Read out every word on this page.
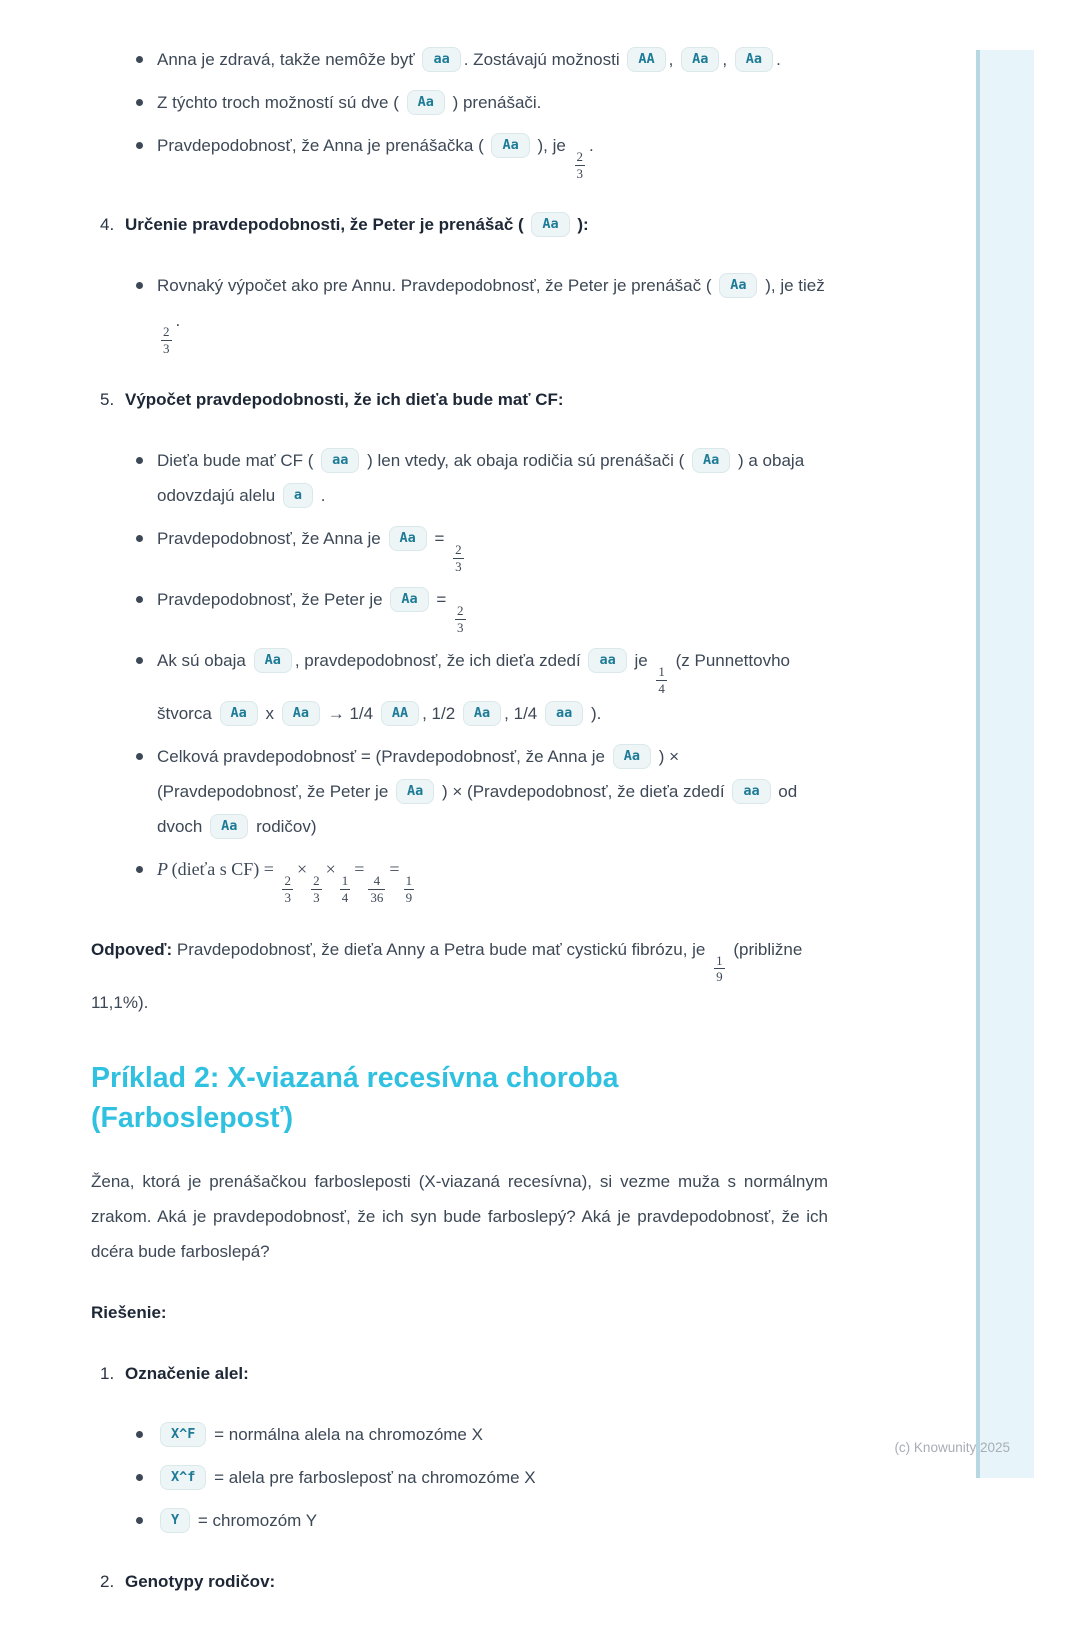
Anna je zdravá, takže nemôže byť aa . Zostávajú možnosti AA , Aa , Aa .
Z týchto troch možností sú dve ( Aa ) prenášači.
Pravdepodobnosť, že Anna je prenášačka ( Aa ), je
$\frac{2}{3}$
.
4. Určenie pravdepodobnosti, že Peter je prenášač ( Aa ):
Rovnaký výpočet ako pre Annu. Pravdepodobnosť, že Peter je prenášač ( Aa ), je tiež
$\frac{2}{3}$
.
5. Výpočet pravdepodobnosti, že ich dieťa bude mať CF:
Dieťa bude mať CF ( aa ) len vtedy, ak obaja rodičia sú prenášači ( Aa ) a obaja odovzdajú alelu a .
Pravdepodobnosť, že Anna je Aa =
$\frac{2}{3}$
Pravdepodobnosť, že Peter je Aa =
$\frac{2}{3}$
Ak sú obaja Aa , pravdepodobnosť, že ich dieťa zdedí aa je
$\frac{1}{4}$
(z Punnettovho štvorca Aa x Aa → 1/4 AA , 1/2 Aa , 1/4 aa ).
Celková pravdepodobnosť = (Pravdepodobnosť, že Anna je Aa ) × (Pravdepodobnosť, že Peter je Aa ) × (Pravdepodobnosť, že dieťa zdedí aa od dvoch Aa rodičov)
P (dieťa s CF) =
$\frac{2}{3}$
×
$\frac{2}{3}$
×
$\frac{1}{4}$
=
$\frac{4}{36}$
=
$\frac{1}{9}$

Odpoveď: Pravdepodobnosť, že dieťa Anny a Petra bude mať cystickú fibrózu, je
$\frac{1}{9}$
(približne 11,1%).

Príklad 2: X-viazaná recesívna choroba (Farbosleposť)

Žena, ktorá je prenášačkou farbosleposti (X-viazaná recesívna), si vezme muža s normálnym zrakom. Aká je pravdepodobnosť, že ich syn bude farboslepý? Aká je pravdepodobnosť, že ich dcéra bude farboslepá?

Riešenie:

1. Označenie alel:
X^F = normálna alela na chromozóme X
X^f = alela pre farbosleposť na chromozóme X
Y = chromozóm Y
2. Genotypy rodičov:
(c) Knowunity 2025
